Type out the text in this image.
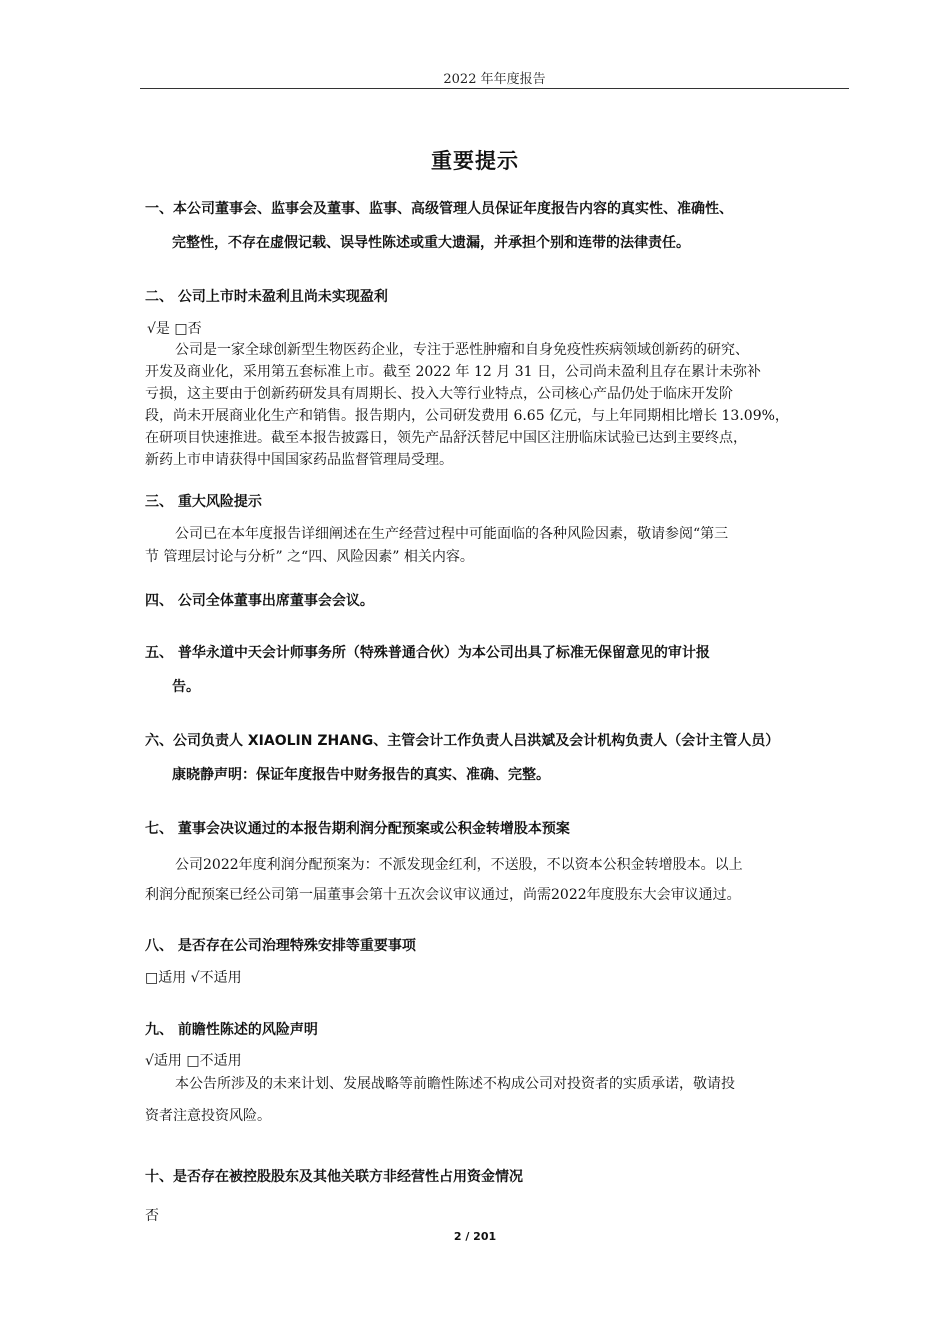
2022 年年度报告
重要提示
一、本公司董事会、监事会及董事、监事、高级管理人员保证年度报告内容的真实性、准确性、
完整性，不存在虚假记载、误导性陈述或重大遗漏，并承担个别和连带的法律责任。
二、 公司上市时未盈利且尚未实现盈利
√是 □否
公司是一家全球创新型生物医药企业，专注于恶性肿瘤和自身免疫性疾病领域创新药的研究、
开发及商业化，采用第五套标准上市。截至 2022 年 12 月 31 日，公司尚未盈利且存在累计未弥补
亏损，这主要由于创新药研发具有周期长、投入大等行业特点，公司核心产品仍处于临床开发阶
段，尚未开展商业化生产和销售。报告期内，公司研发费用 6.65 亿元，与上年同期相比增长 13.09%，
在研项目快速推进。截至本报告披露日，领先产品舒沃替尼中国区注册临床试验已达到主要终点，
新药上市申请获得中国国家药品监督管理局受理。
三、 重大风险提示
公司已在本年度报告详细阐述在生产经营过程中可能面临的各种风险因素，敬请参阅“第三
节 管理层讨论与分析” 之“四、风险因素” 相关内容。
四、 公司全体董事出席董事会会议。
五、 普华永道中天会计师事务所（特殊普通合伙）为本公司出具了标准无保留意见的审计报
告。
六、公司负责人 XIAOLIN ZHANG、主管会计工作负责人吕洪斌及会计机构负责人（会计主管人员）
康晓静声明：保证年度报告中财务报告的真实、准确、完整。
七、 董事会决议通过的本报告期利润分配预案或公积金转增股本预案
公司2022年度利润分配预案为：不派发现金红利，不送股，不以资本公积金转增股本。以上
利润分配预案已经公司第一届董事会第十五次会议审议通过，尚需2022年度股东大会审议通过。
八、 是否存在公司治理特殊安排等重要事项
□适用 √不适用
九、 前瞻性陈述的风险声明
√适用 □不适用
本公告所涉及的未来计划、发展战略等前瞻性陈述不构成公司对投资者的实质承诺，敬请投
资者注意投资风险。
十、是否存在被控股股东及其他关联方非经营性占用资金情况
否
2 / 201
